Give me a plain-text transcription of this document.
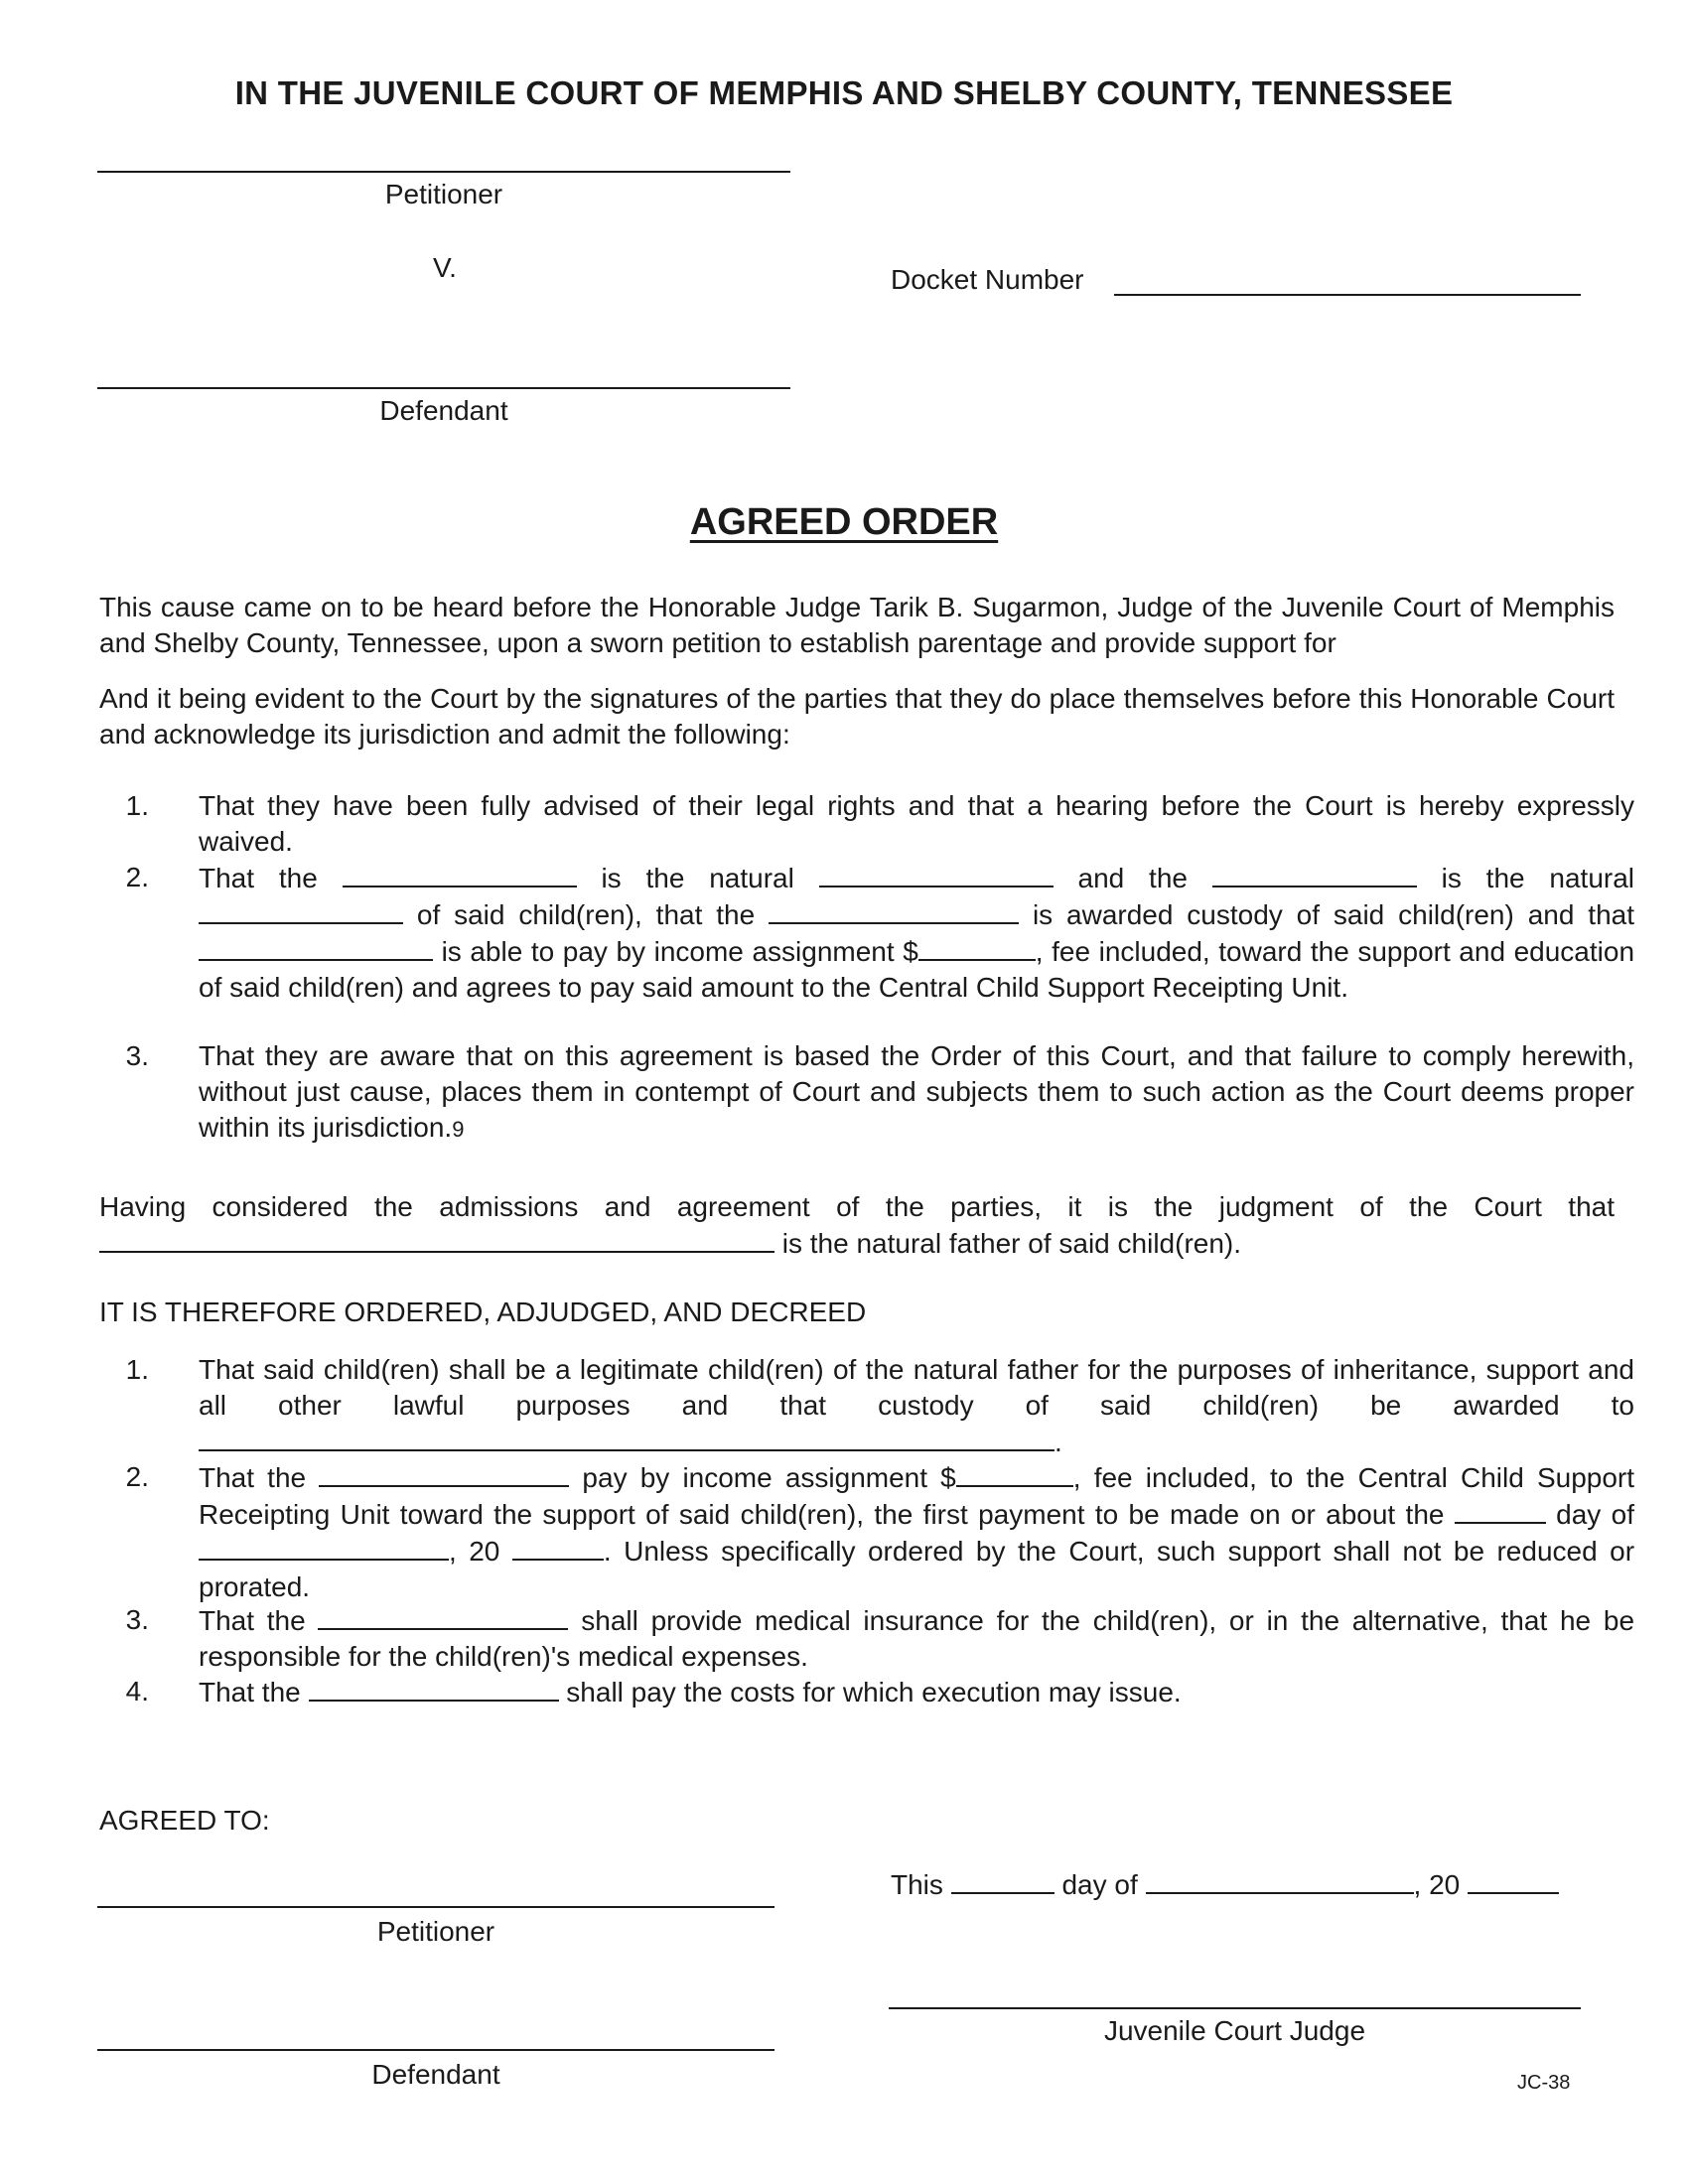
IN THE JUVENILE COURT OF MEMPHIS AND SHELBY COUNTY, TENNESSEE
Petitioner
V.	Docket Number
Defendant
AGREED ORDER
This cause came on to be heard before the Honorable Judge Tarik B. Sugarmon, Judge of the Juvenile Court of Memphis and Shelby County, Tennessee, upon a sworn petition to establish parentage and provide support for
And it being evident to the Court by the signatures of the parties that they do place themselves before this Honorable Court and acknowledge its jurisdiction and admit the following:
1. That they have been fully advised of their legal rights and that a hearing before the Court is hereby expressly waived.
2. That the	is the natural	and the	is the natural  of said child(ren), that the	is awarded custody of said child(ren) and that  is able to pay by income assignment $	, fee included, toward the support and education of said child(ren) and agrees to pay said amount to the Central Child Support Receipting Unit.
3. That they are aware that on this agreement is based the Order of this Court, and that failure to comply herewith, without just cause, places them in contempt of Court and subjects them to such action as the Court deems proper within its jurisdiction.9
Having considered the admissions and agreement of the parties, it is the judgment of the Court that  is the natural father of said child(ren).
IT IS THEREFORE ORDERED, ADJUDGED, AND DECREED
1. That said child(ren) shall be a legitimate child(ren) of the natural father for the purposes of inheritance, support and all other lawful purposes and that custody of said child(ren) be awarded to .
2. That the	pay by income assignment $	, fee included, to the Central Child Support Receipting Unit toward the support of said child(ren), the first payment to be made on or about the	day of , 20	. Unless specifically ordered by the Court, such support shall not be reduced or prorated.
3. That the	shall provide medical insurance for the child(ren), or in the alternative, that he be responsible for the child(ren)'s medical expenses.
4. That the	shall pay the costs for which execution may issue.
AGREED TO:
This	day of	, 20
Petitioner
Juvenile Court Judge
Defendant	JC-38
